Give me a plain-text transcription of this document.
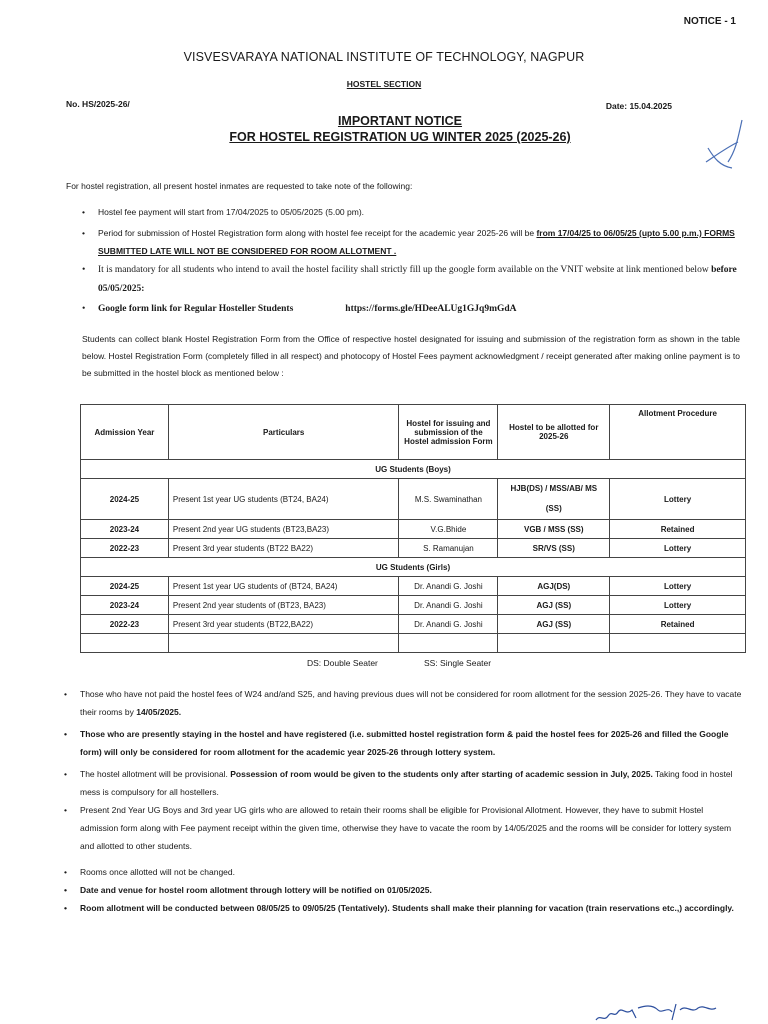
NOTICE - 1
VISVESVARAYA NATIONAL INSTITUTE OF TECHNOLOGY, NAGPUR
HOSTEL SECTION
No. HS/2025-26/	Date: 15.04.2025
IMPORTANT NOTICE
FOR HOSTEL REGISTRATION UG WINTER 2025 (2025-26)
For hostel registration, all present hostel inmates are requested to take note of the following:
• Hostel fee payment will start from 17/04/2025 to 05/05/2025 (5.00 pm).
• Period for submission of Hostel Registration form along with hostel fee receipt for the academic year 2025-26 will be from 17/04/25 to 06/05/25 (upto 5.00 p.m.) FORMS SUBMITTED LATE WILL NOT BE CONSIDERED FOR ROOM ALLOTMENT .
• It is mandatory for all students who intend to avail the hostel facility shall strictly fill up the google form available on the VNIT website at link mentioned below before 05/05/2025:
• Google form link for Regular Hosteller Students	https://forms.gle/HDeeALUg1GJq9mGdA
Students can collect blank Hostel Registration Form from the Office of respective hostel designated for issuing and submission of the registration form as shown in the table below. Hostel Registration Form (completely filled in all respect) and photocopy of Hostel Fees payment acknowledgment / receipt generated after making online payment is to be submitted in the hostel block as mentioned below :
Admission Year	Particulars	Hostel for issuing and submission of the Hostel admission Form	Hostel to be allotted for 2025-26	Allotment Procedure
UG Students (Boys)				
2024-25	Present 1st year UG students (BT24, BA24)	M.S. Swaminathan	HJB(DS) / MSS/AB/ MS (SS)	Lottery
2023-24	Present 2nd year UG students (BT23,BA23)	V.G.Bhide	VGB / MSS (SS)	Retained
2022-23	Present 3rd year students (BT22 BA22)	S. Ramanujan	SR/VS (SS)	Lottery
UG Students (Girls)				
2024-25	Present 1st year UG students of (BT24, BA24)	Dr. Anandi G. Joshi	AGJ(DS)	Lottery
2023-24	Present 2nd year students of (BT23, BA23)	Dr. Anandi G. Joshi	AGJ (SS)	Lottery
2022-23	Present 3rd year students (BT22,BA22)	Dr. Anandi G. Joshi	AGJ (SS)	Retained

DS: Double Seater	SS: Single Seater
• Those who have not paid the hostel fees of W24 and/and S25, and having previous dues will not be considered for room allotment for the session 2025-26. They have to vacate their rooms by 14/05/2025.
• Those who are presently staying in the hostel and have registered (i.e. submitted hostel registration form & paid the hostel fees for 2025-26 and filled the Google form) will only be considered for room allotment for the academic year 2025-26 through lottery system.
• The hostel allotment will be provisional. Possession of room would be given to the students only after starting of academic session in July, 2025. Taking food in hostel mess is compulsory for all hostellers.
• Present 2nd Year UG Boys and 3rd year UG girls who are allowed to retain their rooms shall be eligible for Provisional Allotment. However, they have to submit Hostel admission form along with Fee payment receipt within the given time, otherwise they have to vacate the room by 14/05/2025 and the rooms will be consider for lottery system and allotted to other students.
• Rooms once allotted will not be changed.
• Date and venue for hostel room allotment through lottery will be notified on 01/05/2025.
• Room allotment will be conducted between 08/05/25 to 09/05/25 (Tentatively). Students shall make their planning for vacation (train reservations etc.,) accordingly.
